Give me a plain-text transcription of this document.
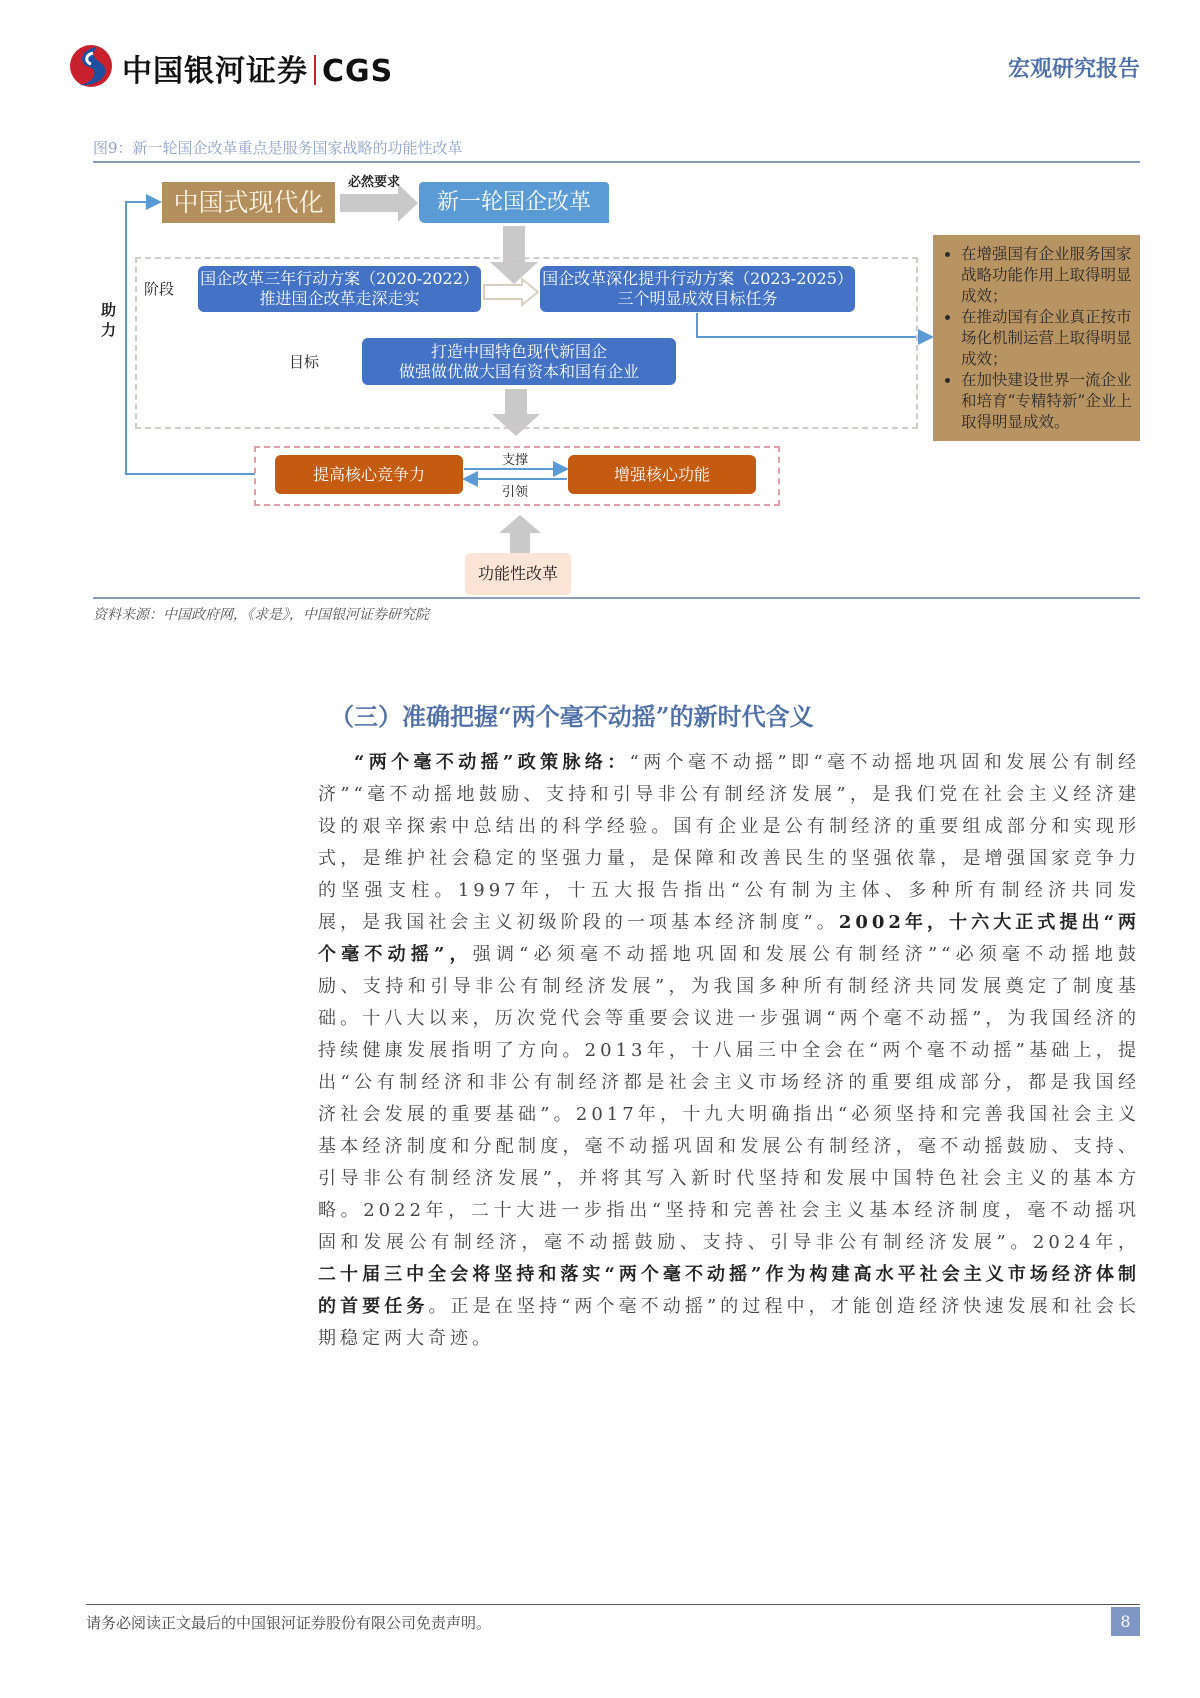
中国银河证券 CGS	宏观研究报告
图9：新一轮国企改革重点是服务国家战略的功能性改革
中国式现代化
必然要求
新一轮国企改革
阶段
国企改革三年行动方案（2020-2022）
推进国企改革走深走实
国企改革深化提升行动方案（2023-2025）
三个明显成效目标任务
目标
打造中国特色现代新国企
做强做优做大国有资本和国有企业
• 在增强国有企业服务国家战略功能作用上取得明显成效；
• 在推动国有企业真正按市场化机制运营上取得明显成效；
• 在加快建设世界一流企业和培育“专精特新”企业上取得明显成效。
助力
提高核心竞争力	增强核心功能
支撑
引领
功能性改革
资料来源：中国政府网，《求是》，中国银河证券研究院
（三）准确把握“两个毫不动摇”的新时代含义
“两个毫不动摇”政策脉络：“两个毫不动摇”即“毫不动摇地巩固和发展公有制经济”“毫不动摇地鼓励、支持和引导非公有制经济发展”，是我们党在社会主义经济建设的艰辛探索中总结出的科学经验。国有企业是公有制经济的重要组成部分和实现形式，是维护社会稳定的坚强力量，是保障和改善民生的坚强依靠，是增强国家竞争力的坚强支柱。1997年，十五大报告指出“公有制为主体、多种所有制经济共同发展，是我国社会主义初级阶段的一项基本经济制度”。2002年，十六大正式提出“两个毫不动摇”，强调“必须毫不动摇地巩固和发展公有制经济”“必须毫不动摇地鼓励、支持和引导非公有制经济发展”，为我国多种所有制经济共同发展奠定了制度基础。十八大以来，历次党代会等重要会议进一步强调“两个毫不动摇”，为我国经济的持续健康发展指明了方向。2013年，十八届三中全会在“两个毫不动摇”基础上，提出“公有制经济和非公有制经济都是社会主义市场经济的重要组成部分，都是我国经济社会发展的重要基础”。2017年，十九大明确指出“必须坚持和完善我国社会主义基本经济制度和分配制度，毫不动摇巩固和发展公有制经济，毫不动摇鼓励、支持、引导非公有制经济发展”，并将其写入新时代坚持和发展中国特色社会主义的基本方略。2022年，二十大进一步指出“坚持和完善社会主义基本经济制度，毫不动摇巩固和发展公有制经济，毫不动摇鼓励、支持、引导非公有制经济发展”。2024年，二十届三中全会将坚持和落实“两个毫不动摇”作为构建高水平社会主义市场经济体制的首要任务。正是在坚持“两个毫不动摇”的过程中，才能创造经济快速发展和社会长期稳定两大奇迹。
请务必阅读正文最后的中国银河证券股份有限公司免责声明。	8
